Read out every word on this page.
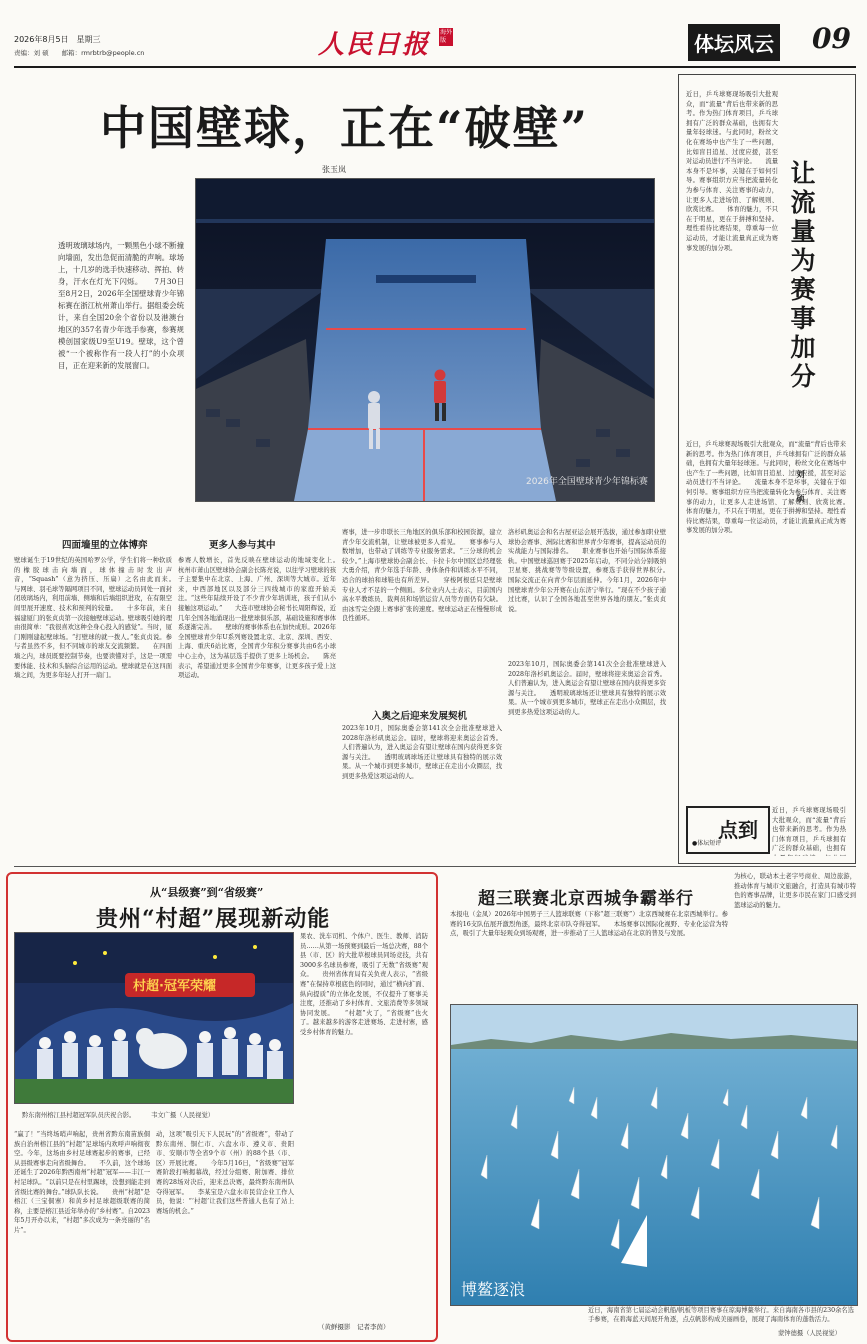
2026年8月5日　星期三
责编：刘 硕　　邮箱：rmrbtrb@people.cn	人民日报 海外版	体坛风云 09
中国壁球，正在“破壁”
张玉岚
透明玻璃球场内，一颗黑色小球不断撞向墙面，发出急促而清脆的声响。球场上，十几岁的选手快速移动、挥拍、转身，汗水在灯光下闪烁。　　7月30日至8月2日，2026年全国壁球青少年锦标赛在浙江杭州萧山举行。据组委会统计，来自全国20余个省份以及港澳台地区的357名青少年选手参赛，参赛规模创国家级U9至U19。壁球，这个曾被“一个被称作有一段人打”的小众项目，正在迎来新的发展窗口。
2026年全国壁球青少年锦标赛
四面墙里的立体博弈
壁球诞生于19世纪的英国哈罗公学，学生们将一种软质的橡胶球击向墙面，球体撞击时发出声音，“Squash”（意为挤压、压扁）之名由此而来。　　与网球、羽毛球等隔网项目不同，壁球运动员同处一面封闭玻璃场内，利用前墙、侧墙和后墙组织进攻，在有限空间里展开速度、技术和预判的较量。　　十多年前，来自福建厦门的张贞贞第一次接触壁球运动。壁球吸引她的理由很简单：“我很喜欢这种全身心投入的感觉”。当时，厦门刚刚建起壁球场。“打壁球的就一拨人。”张贞贞说。参与者虽然不多，但不同城市的球友交流频繁。　　在四面墙之内，球员既要控制节奏，也要读懂对手，这是一项需要体能、技术和头脑综合运用的运动。壁球就是在这四面墙之间，为更多年轻人打开一扇门。
更多人参与其中
参赛人数增长，首先反映在壁球运动的地域变化上。　　杭州市萧山区壁球协会副会长陈亮说，以往学习壁球的孩子主要集中在北京、上海、广州、深圳等大城市。近年来，中西部地区以及部分三四线城市的家庭开始关注。“这些年陆续开设了不少青少年培训班，孩子们从小接触这项运动。”　　大连市壁球协会秘书长周阳辉说，近几年全国各地涌现出一批壁球俱乐部，基础设施和赛事体系逐渐完善。　　壁球的赛事体系也在加快成形。2026年全国壁球青少年U系列赛设置北京、北京、深圳、西安、上海、重庆6站比赛，全国青少年积分赛事共由6名小球中心主办，这为基层选手提供了更多上场机会。　　陈亮表示，希望通过更多全国青少年赛事，让更多孩子爱上这项运动。
赛事，进一步串联长三角地区的俱乐部和校园资源，建立青少年交流机制，让壁球被更多人看见。　　赛事参与人数增加，也带动了训练等专业服务需求。“三分球的机会较少。”上海市壁球协会副会长、卡拉卡尔中国区总经理张大勇介绍，青少年选手年龄、身体条件和训练水平不同，适合的球拍和球鞋也有所差异。　　穿梭阿根廷只是壁球专业人才不足的一个侧面。多位业内人士表示，目前国内高水平教练员、裁判员和场馆运营人员等方面仍有欠缺。由冰雪完全跟上赛事扩张的速度。壁球运动正在慢慢形成良性循环。
洛杉矶奥运会和名古屋亚运会展开选拔，通过参加职业壁球协会赛事、洲际比赛和世界青少年赛事，提高运动员的实战能力与国际排名。　　职业赛事也开始与国际体系接轨。中国壁球巡回赛于2025年启动，不同分站分别吸纳卫星赛、挑战赛等等级设置，参赛选手获得世界积分。　　国际交流正在向青少年层面延伸。今年1月，2026年中国壁球青少年公开赛在山东济宁举行。“现在不少孩子通过比赛，认识了全国各地甚至世界各地的朋友。”张贞贞说。
入奥之后迎来发展契机
2023年10月，国际奥委会第141次全会批准壁球进入2028年洛杉矶奥运会。届时，壁球将迎来奥运会首秀。人们普遍认为，进入奥运会有望让壁球在国内获得更多资源与关注。　　透明玻璃球场还让壁球具有独特的展示效果。从一个城市到更多城市，壁球正在走出小众圈层，找到更多热爱这项运动的人。
2023年10月，国际奥委会第141次全会批准壁球进入2028年洛杉矶奥运会。届时，壁球将迎来奥运会首秀。人们普遍认为，进入奥运会有望让壁球在国内获得更多资源与关注。　　透明玻璃球场还让壁球具有独特的展示效果。从一个城市到更多城市，壁球正在走出小众圈层，找到更多热爱这项运动的人。
让流量为赛事加分
刘　硕
近日，乒乓球赛现场吸引大批观众，而“流量”背后也带来新的思考。作为热门体育项目，乒乓球拥有广泛的群众基础，也拥有大量年轻球迷。与此同时，粉丝文化在赛场中也产生了一些问题，比如盲目追星、过度应援，甚至对运动员进行不当评论。　　流量本身不是坏事，关键在于如何引导。赛事组织方应当把流量转化为参与体育、关注赛事的动力，让更多人走进场馆、了解规则、欣赏比赛。　　体育的魅力，不只在于明星，更在于拼搏和坚持。理性看待比赛结果，尊重每一位运动员，才能让流量真正成为赛事发展的加分项。
近日，乒乓球赛现场吸引大批观众，而“流量”背后也带来新的思考。作为热门体育项目，乒乓球拥有广泛的群众基础，也拥有大量年轻球迷。与此同时，粉丝文化在赛场中也产生了一些问题，比如盲目追星、过度应援，甚至对运动员进行不当评论。　　流量本身不是坏事，关键在于如何引导。赛事组织方应当把流量转化为参与体育、关注赛事的动力，让更多人走进场馆、了解规则、欣赏比赛。　　体育的魅力，不只在于明星，更在于拼搏和坚持。理性看待比赛结果，尊重每一位运动员，才能让流量真正成为赛事发展的加分项。
点到
●体坛短评
近日，乒乓球赛现场吸引大批观众，而“流量”背后也带来新的思考。作为热门体育项目，乒乓球拥有广泛的群众基础，也拥有　　　　
从“县级赛”到“省级赛”
贵州“村超”展现新动能
村超·冠军荣耀
黔东南州榕江县村超冠军队员庆祝合影。　　　韦文广摄（人民视觉）
果农、洗车司机、个体户、医生、教师、消防员……从第一场预赛到最后一场总决赛，88个县（市、区）的大批草根球员同场竞技，共有3000多名球员参赛，吸引了无数“省级赛”观众。　　贵州省体育局有关负责人表示，“省级赛”在保持草根底色的同时，通过“横向扩面、纵向提质”的立体化发展，不仅提升了赛事关注度，还推动了乡村体育、文旅消费等多领域协同发展。　　“村超”火了，“省级赛”也火了。越来越多的游客走进赛场、走进村寨，感受乡村体育的魅力。
“赢了！”当终场哨声响起，贵州省黔东南苗族侗族自治州榕江县的“村超”足球场内欢呼声响彻夜空。今年，这场由乡村足球赛起步的赛事，已经从县级赛事走向省级舞台。　　不久前，这个球场还诞生了2026年黔西南州“村超”冠军——丰江一村足球队。“以前只是在村里踢球，没想到能走到省级比赛的舞台。”球队队长说。　　贵州“村超”是榕江（三宝侗寨）和黄乡村足球超级联赛的简称，主要是榕江县近年举办的“乡村赛”。自2023年5月开办以来，“村超”多次成为一条亮丽的“名片”。
动，这项“吸引天下人民玩”的“省级赛”，带动了黔东南州、铜仁市、六盘水市、遵义市、贵阳市、安顺市等全省9个市（州）的88个县（市、区）开展比赛。　　今年5月16日，“省级赛”冠军赛阶段打响揭幕战，经过分组赛、附加赛、排位赛的28场对决后，迎来总决赛，最终黔东南州队夺得冠军。　　李某宝是六盘水市民营企业工作人员，他说：“‘村超’让我们这些普通人也有了站上赛场的机会。”
（黄鲜摄影　记者李茵）
超三联赛北京西城争霸举行
本报电（金凤）2026年中国男子三人篮球联赛（下称“超三联赛”）北京西城赛在北京西城举行。参赛的16支队伍展开激烈角逐，最终北京市队夺得冠军。　　本场赛事以国际化视野、专业化运营为特点，吸引了大量年轻观众到场观赛，进一步推动了三人篮球运动在北京的普及与发展。
为核心，联动本土老字号商业、周边旅游，推动体育与城市文旅融合，打造具有城市特色的赛事品牌，让更多市民在家门口感受到篮球运动的魅力。
博鳌逐浪
近日，海南省第七届运动会帆船/帆板等项目赛事在琼海博鳌举行。来自海南各市县的230余名选手参赛，在碧海蓝天间展开角逐，点点帆影构成美丽画卷，展现了海南体育的蓬勃活力。
蒙钟德摄（人民视觉）
